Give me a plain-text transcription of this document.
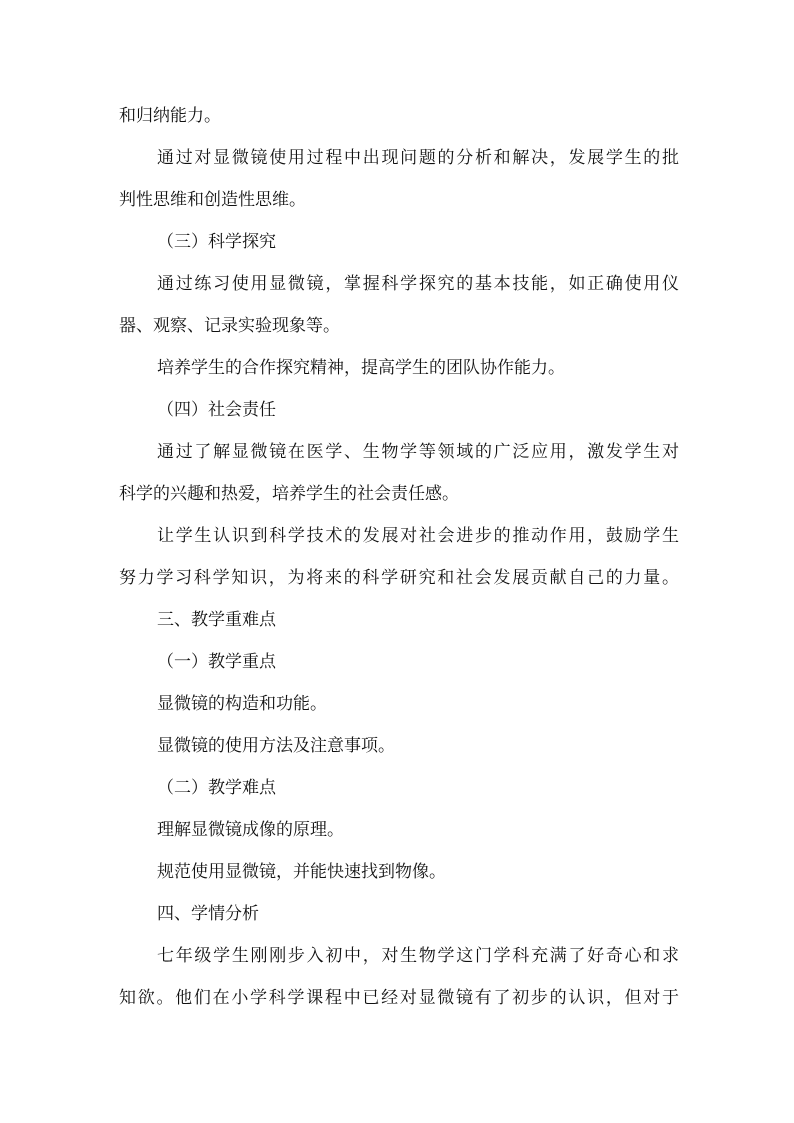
和归纳能力。
通过对显微镜使用过程中出现问题的分析和解决，发展学生的批
判性思维和创造性思维。
（三）科学探究
通过练习使用显微镜，掌握科学探究的基本技能，如正确使用仪
器、观察、记录实验现象等。
培养学生的合作探究精神，提高学生的团队协作能力。
（四）社会责任
通过了解显微镜在医学、生物学等领域的广泛应用，激发学生对
科学的兴趣和热爱，培养学生的社会责任感。
让学生认识到科学技术的发展对社会进步的推动作用，鼓励学生
努力学习科学知识，为将来的科学研究和社会发展贡献自己的力量。
三、教学重难点
（一）教学重点
显微镜的构造和功能。
显微镜的使用方法及注意事项。
（二）教学难点
理解显微镜成像的原理。
规范使用显微镜，并能快速找到物像。
四、学情分析
七年级学生刚刚步入初中，对生物学这门学科充满了好奇心和求
知欲。他们在小学科学课程中已经对显微镜有了初步的认识，但对于
